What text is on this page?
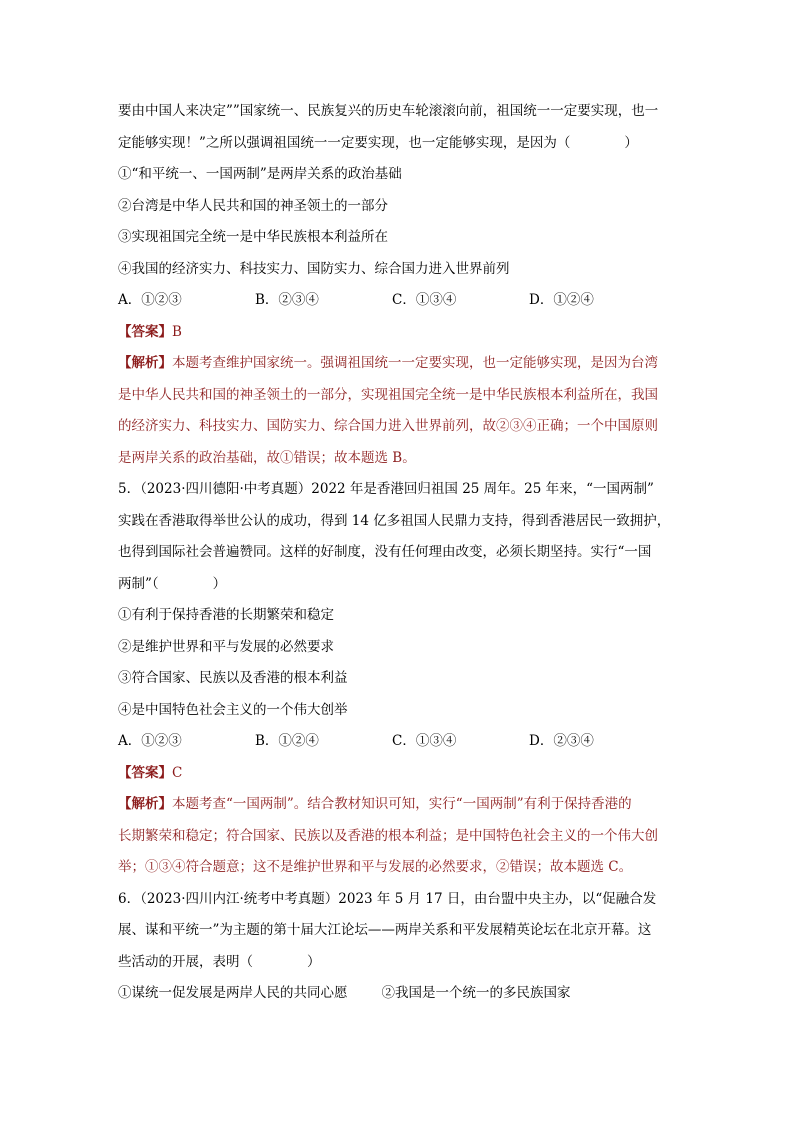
要由中国人来决定””国家统一、民族复兴的历史车轮滚滚向前，祖国统一一定要实现，也一
定能够实现！”之所以强调祖国统一一定要实现，也一定能够实现，是因为（　　　　）
①“和平统一、一国两制”是两岸关系的政治基础
②台湾是中华人民共和国的神圣领土的一部分
③实现祖国完全统一是中华民族根本利益所在
④我国的经济实力、科技实力、国防实力、综合国力进入世界前列
A．①②③	B．②③④	C．①③④	D．①②④
【答案】B
【解析】本题考查维护国家统一。强调祖国统一一定要实现，也一定能够实现，是因为台湾
是中华人民共和国的神圣领土的一部分，实现祖国完全统一是中华民族根本利益所在，我国
的经济实力、科技实力、国防实力、综合国力进入世界前列，故②③④正确；一个中国原则
是两岸关系的政治基础，故①错误；故本题选 B。
5．（2023·四川德阳·中考真题）2022 年是香港回归祖国 25 周年。25 年来，“一国两制”
实践在香港取得举世公认的成功，得到 14 亿多祖国人民鼎力支持，得到香港居民一致拥护，
也得到国际社会普遍赞同。这样的好制度，没有任何理由改变，必须长期坚持。实行“一国
两制”（　　　　）
①有利于保持香港的长期繁荣和稳定
②是维护世界和平与发展的必然要求
③符合国家、民族以及香港的根本利益
④是中国特色社会主义的一个伟大创举
A．①②③	B．①②④	C．①③④	D．②③④
【答案】C
【解析】本题考查“一国两制”。结合教材知识可知，实行“一国两制”有利于保持香港的
长期繁荣和稳定；符合国家、民族以及香港的根本利益；是中国特色社会主义的一个伟大创
举；①③④符合题意；这不是维护世界和平与发展的必然要求，②错误；故本题选 C。
6．（2023·四川内江·统考中考真题）2023 年 5 月 17 日，由台盟中央主办，以“促融合发
展、谋和平统一”为主题的第十届大江论坛——两岸关系和平发展精英论坛在北京开幕。这
些活动的开展，表明（　　　　）
①谋统一促发展是两岸人民的共同心愿	②我国是一个统一的多民族国家
